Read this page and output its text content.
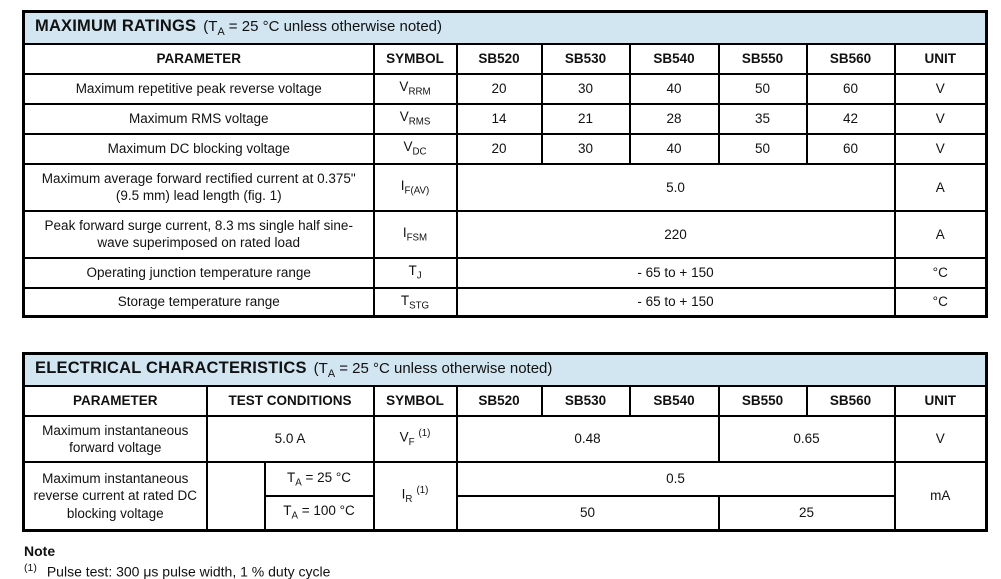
MAXIMUM RATINGS ($T_A = 25$ °C unless otherwise noted)							
PARAMETER	SYMBOL	SB520	SB530	SB540	SB550	SB560	UNIT
Maximum repetitive peak reverse voltage	$V_{RRM}$	20	30	40	50	60	V
Maximum RMS voltage	$V_{RMS}$	14	21	28	35	42	V
Maximum DC blocking voltage	$V_{DC}$	20	30	40	50	60	V
Maximum average forward rectified current at 0.375" (9.5 mm) lead length (fig. 1)	$I_{F(AV)}$	5.0					A
Peak forward surge current, 8.3 ms single half sine-wave superimposed on rated load	$I_{FSM}$	220					A
Operating junction temperature range	$T_J$	- 65 to + 150					°C
Storage temperature range	$T_{STG}$	- 65 to + 150					°C
ELECTRICAL CHARACTERISTICS ($T_A = 25$ °C unless otherwise noted)									
PARAMETER	TEST CONDITIONS		SYMBOL	SB520	SB530	SB540	SB550	SB560	UNIT
Maximum instantaneous forward voltage	5.0 A		$V_F^{(1)}$	0.48			0.65		V
Maximum instantaneous reverse current at rated DC blocking voltage		$T_A = 25$ °C	$I_R^{(1)}$	0.5					mA
		$T_A = 100$ °C		50			25		
Note
$^{(1)}$ Pulse test: 300 μs pulse width, 1 % duty cycle
